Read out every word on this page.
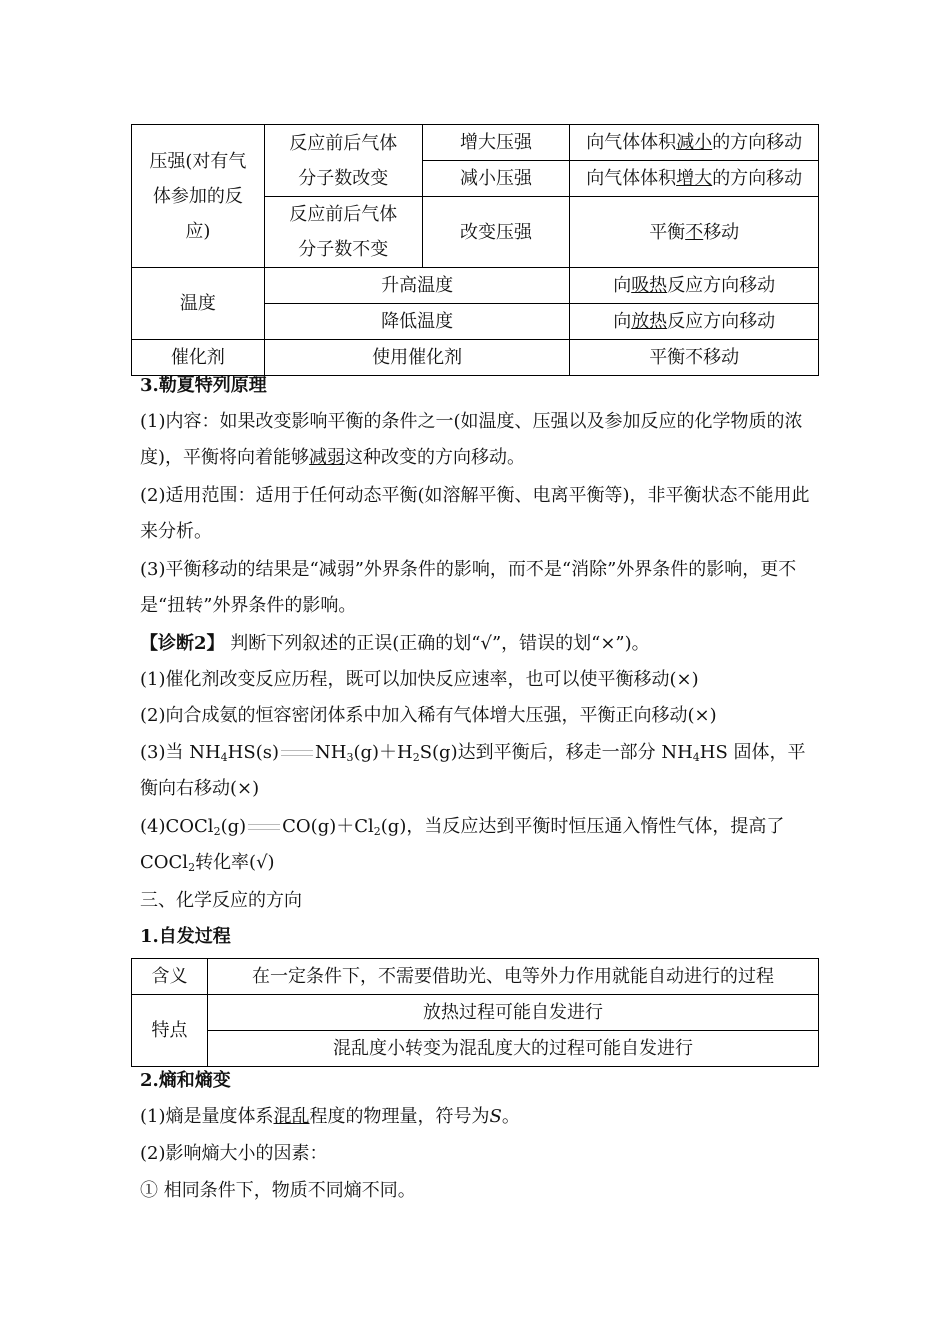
压强(对有气体参加的反应)	反应前后气体分子数改变	增大压强	向气体体积减小的方向移动
		减小压强	向气体体积增大的方向移动
	反应前后气体分子数不变	改变压强	平衡不移动
温度	升高温度		向吸热反应方向移动
	降低温度		向放热反应方向移动
催化剂	使用催化剂		平衡不移动

3.勒夏特列原理

(1)内容：如果改变影响平衡的条件之一(如温度、压强以及参加反应的化学物质的浓度)，平衡将向着能够减弱这种改变的方向移动。

(2)适用范围：适用于任何动态平衡(如溶解平衡、电离平衡等)，非平衡状态不能用此来分析。

(3)平衡移动的结果是“减弱”外界条件的影响，而不是“消除”外界条件的影响，更不是“扭转”外界条件的影响。

【诊断2】 判断下列叙述的正误(正确的划“√”，错误的划“×”)。

(1)催化剂改变反应历程，既可以加快反应速率，也可以使平衡移动(×)

(2)向合成氨的恒容密闭体系中加入稀有气体增大压强，平衡正向移动(×)

(3)当 $NH_4HS(s)$ $NH_3(g)+H_2S(g)$达到平衡后，移走一部分 $NH_4HS$ 固体，平衡向右移动(×)

(4)COCl$_2$(g) $CO(g)+Cl_2(g)$，当反应达到平衡时恒压通入惰性气体，提高了 COCl$_2$转化率(√)

三、化学反应的方向

1.自发过程

含义	在一定条件下，不需要借助光、电等外力作用就能自动进行的过程
特点	放热过程可能自发进行
	混乱度小转变为混乱度大的过程可能自发进行

2.熵和熵变

(1)熵是量度体系混乱程度的物理量，符号为S。

(2)影响熵大小的因素：

① 相同条件下，物质不同熵不同。
